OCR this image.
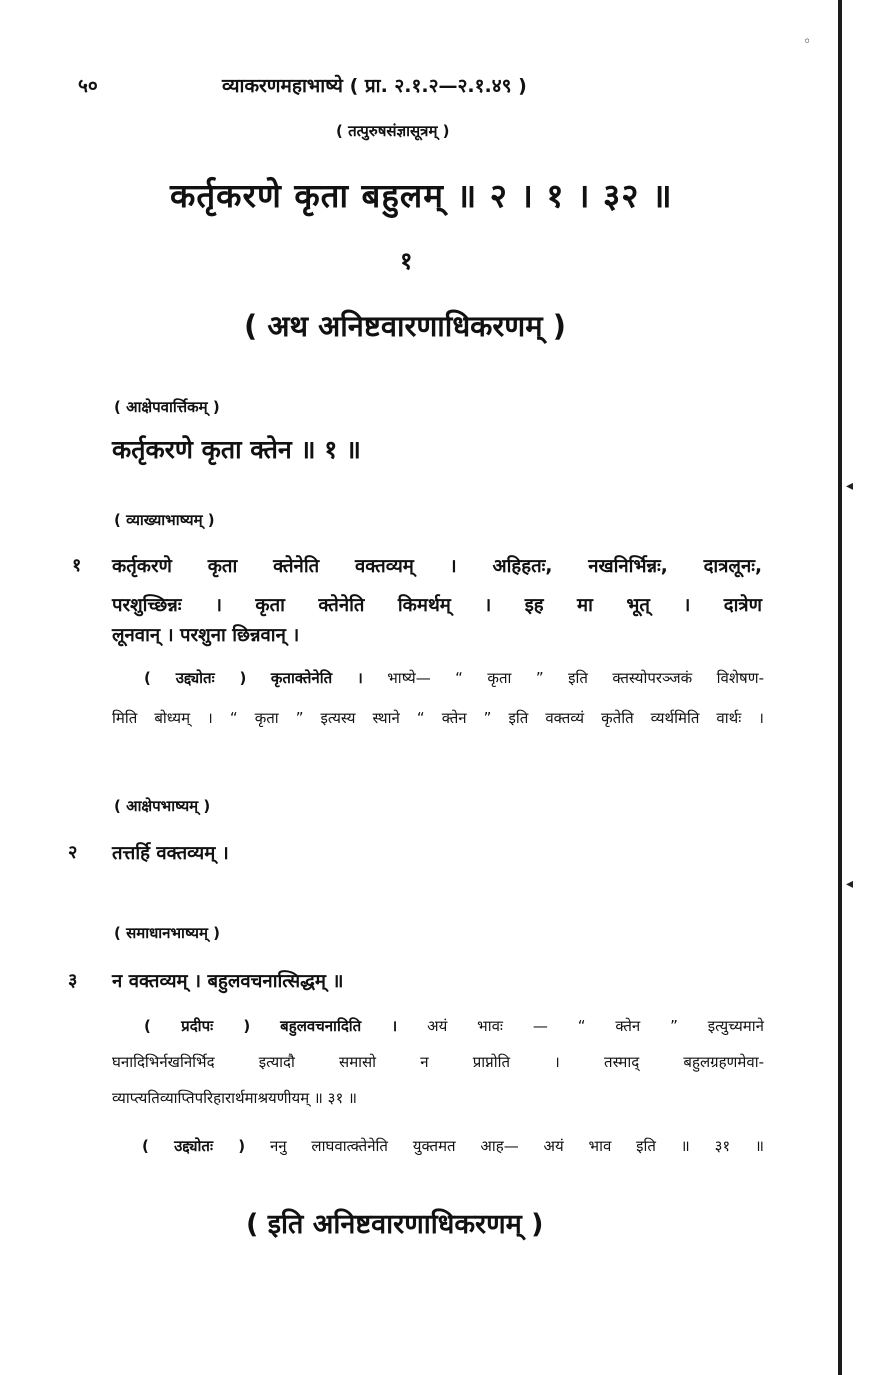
◦
◂
◂
५०	व्याकरणमहाभाष्ये ( प्रा. २.१.२—२.१.४९ )
( तत्पुरुषसंज्ञासूत्रम् )
कर्तृकरणे कृता बहुलम् ॥ २ । १ । ३२ ॥
१
( अथ अनिष्टवारणाधिकरणम् )
( आक्षेपवार्त्तिकम् )
कर्तृकरणे कृता क्तेन ॥ १ ॥
( व्याख्याभाष्यम् )
१ कर्तृकरणे कृता क्तेनेति वक्तव्यम् । अहिहतः, नखनिर्भिन्नः, दात्रलूनः,
परशुच्छिन्नः । कृता क्तेनेति किमर्थम् । इह मा भूत् । दात्रेण
लूनवान् । परशुना छिन्नवान् ।
( उद्द्योतः ) कृताक्तेनेति । भाष्ये— “ कृता ” इति क्तस्योपरञ्जकं विशेषण-
मिति बोध्यम् । “ कृता ” इत्यस्य स्थाने “ क्तेन ” इति वक्तव्यं कृतेति व्यर्थमिति वार्थः ।
( आक्षेपभाष्यम् )
२ तत्तर्हि वक्तव्यम् ।
( समाधानभाष्यम् )
३ न वक्तव्यम् । बहुलवचनात्सिद्धम् ॥
( प्रदीपः ) बहुलवचनादिति । अयं भावः — “ क्तेन ” इत्युच्यमाने
घनादिभिर्नखनिर्भिद इत्यादौ समासो न प्राप्नोति । तस्माद् बहुलग्रहणमेवा-
व्याप्त्यतिव्याप्तिपरिहारार्थमाश्रयणीयम् ॥ ३१ ॥
( उद्द्योतः ) ननु लाघवात्क्तेनेति युक्तमत आह— अयं भाव इति ॥ ३१ ॥
( इति अनिष्टवारणाधिकरणम् )
